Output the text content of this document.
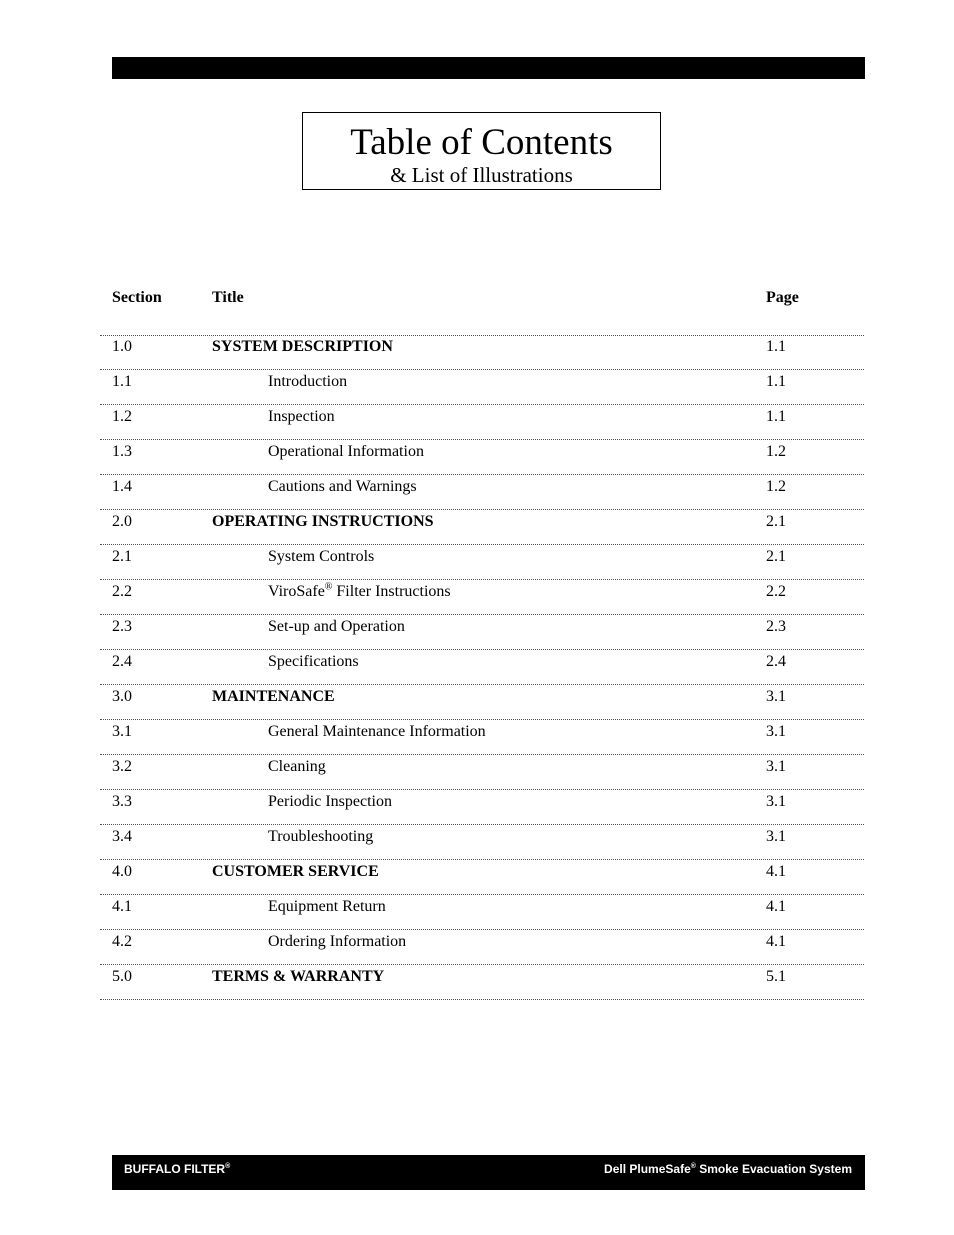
Table of Contents
& List of Illustrations
Section	Title	Page
1.0	SYSTEM DESCRIPTION	1.1
1.1	Introduction	1.1
1.2	Inspection	1.1
1.3	Operational Information	1.2
1.4	Cautions and Warnings	1.2
2.0	OPERATING INSTRUCTIONS	2.1
2.1	System Controls	2.1
2.2	ViroSafe® Filter Instructions	2.2
2.3	Set-up and Operation	2.3
2.4	Specifications	2.4
3.0	MAINTENANCE	3.1
3.1	General Maintenance Information	3.1
3.2	Cleaning	3.1
3.3	Periodic Inspection	3.1
3.4	Troubleshooting	3.1
4.0	CUSTOMER SERVICE	4.1
4.1	Equipment Return	4.1
4.2	Ordering Information	4.1
5.0	TERMS & WARRANTY	5.1
BUFFALO FILTER®	Dell PlumeSafe® Smoke Evacuation System
